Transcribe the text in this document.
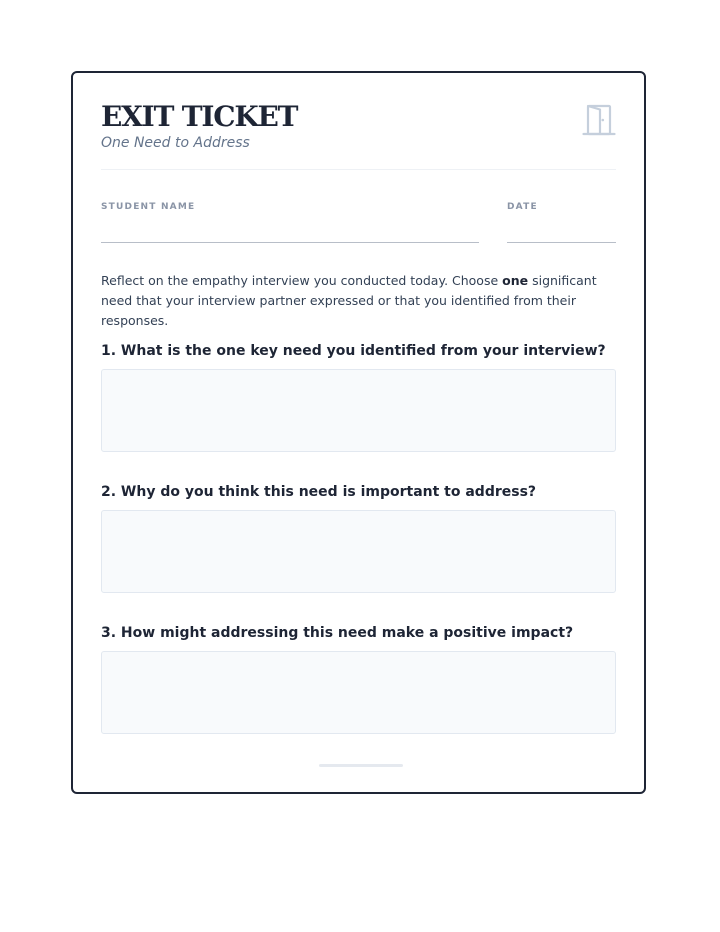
EXIT TICKET

One Need to Address

STUDENT NAME	DATE

Reflect on the empathy interview you conducted today. Choose one significant need that your interview partner expressed or that you identified from their responses.

1. What is the one key need you identified from your interview?

2. Why do you think this need is important to address?

3. How might addressing this need make a positive impact?
